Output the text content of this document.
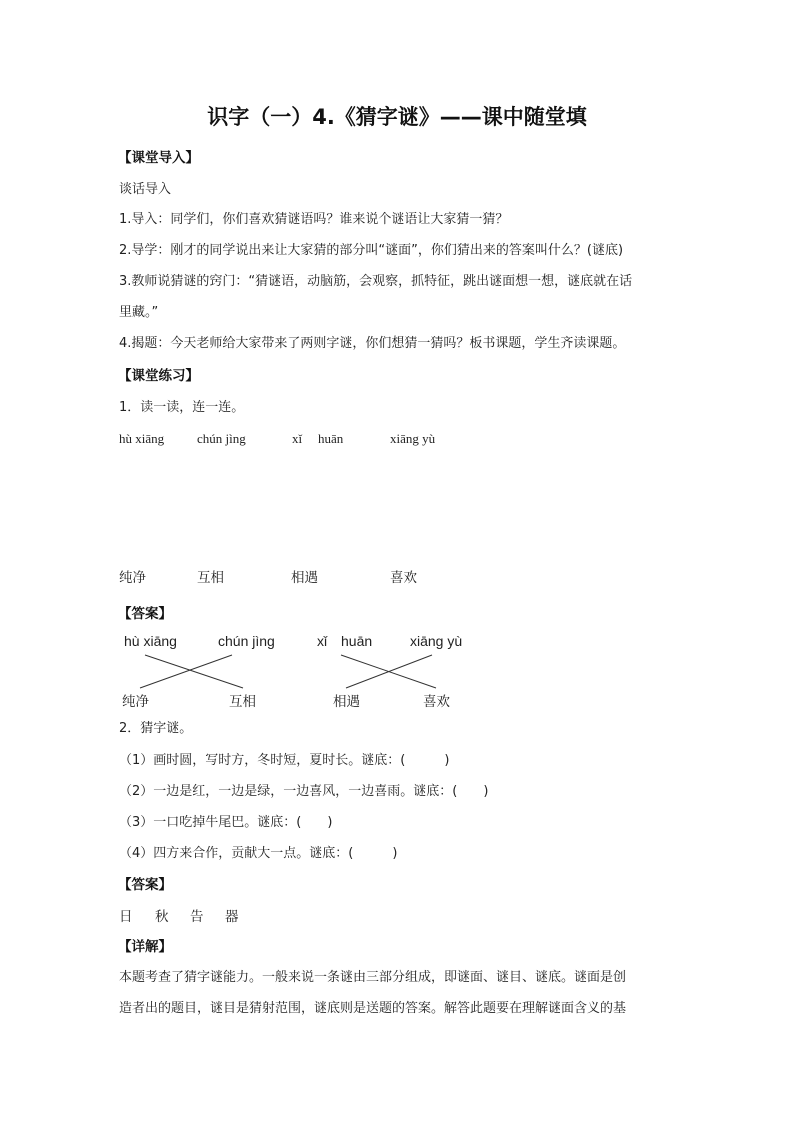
识字（一）4.《猜字谜》——课中随堂填
【课堂导入】
谈话导入
1.导入：同学们，你们喜欢猜谜语吗？谁来说个谜语让大家猜一猜？
2.导学：刚才的同学说出来让大家猜的部分叫“谜面”，你们猜出来的答案叫什么？(谜底)
3.教师说猜谜的窍门：“猜谜语，动脑筋，会观察，抓特征，跳出谜面想一想，谜底就在话
里藏。”
4.揭题：今天老师给大家带来了两则字谜，你们想猜一猜吗？板书课题，学生齐读课题。
【课堂练习】
1．读一读，连一连。
hù xiāng	chún jìng	xǐ huān	xiāng yù
纯净	互相	相遇	喜欢
【答案】
hù xiāng	chún jìng	xǐ huān	xiāng yù
纯净	互相	相遇	喜欢
2．猜字谜。
（1）画时圆，写时方，冬时短，夏时长。谜底：(　　　)
（2）一边是红，一边是绿，一边喜风，一边喜雨。谜底：(　　)
（3）一口吃掉牛尾巴。谜底：(　　)
（4）四方来合作，贡献大一点。谜底：(　　　)
【答案】
日 秋 告 器
【详解】
本题考查了猜字谜能力。一般来说一条谜由三部分组成，即谜面、谜目、谜底。谜面是创
造者出的题目，谜目是猜射范围，谜底则是送题的答案。解答此题要在理解谜面含义的基
